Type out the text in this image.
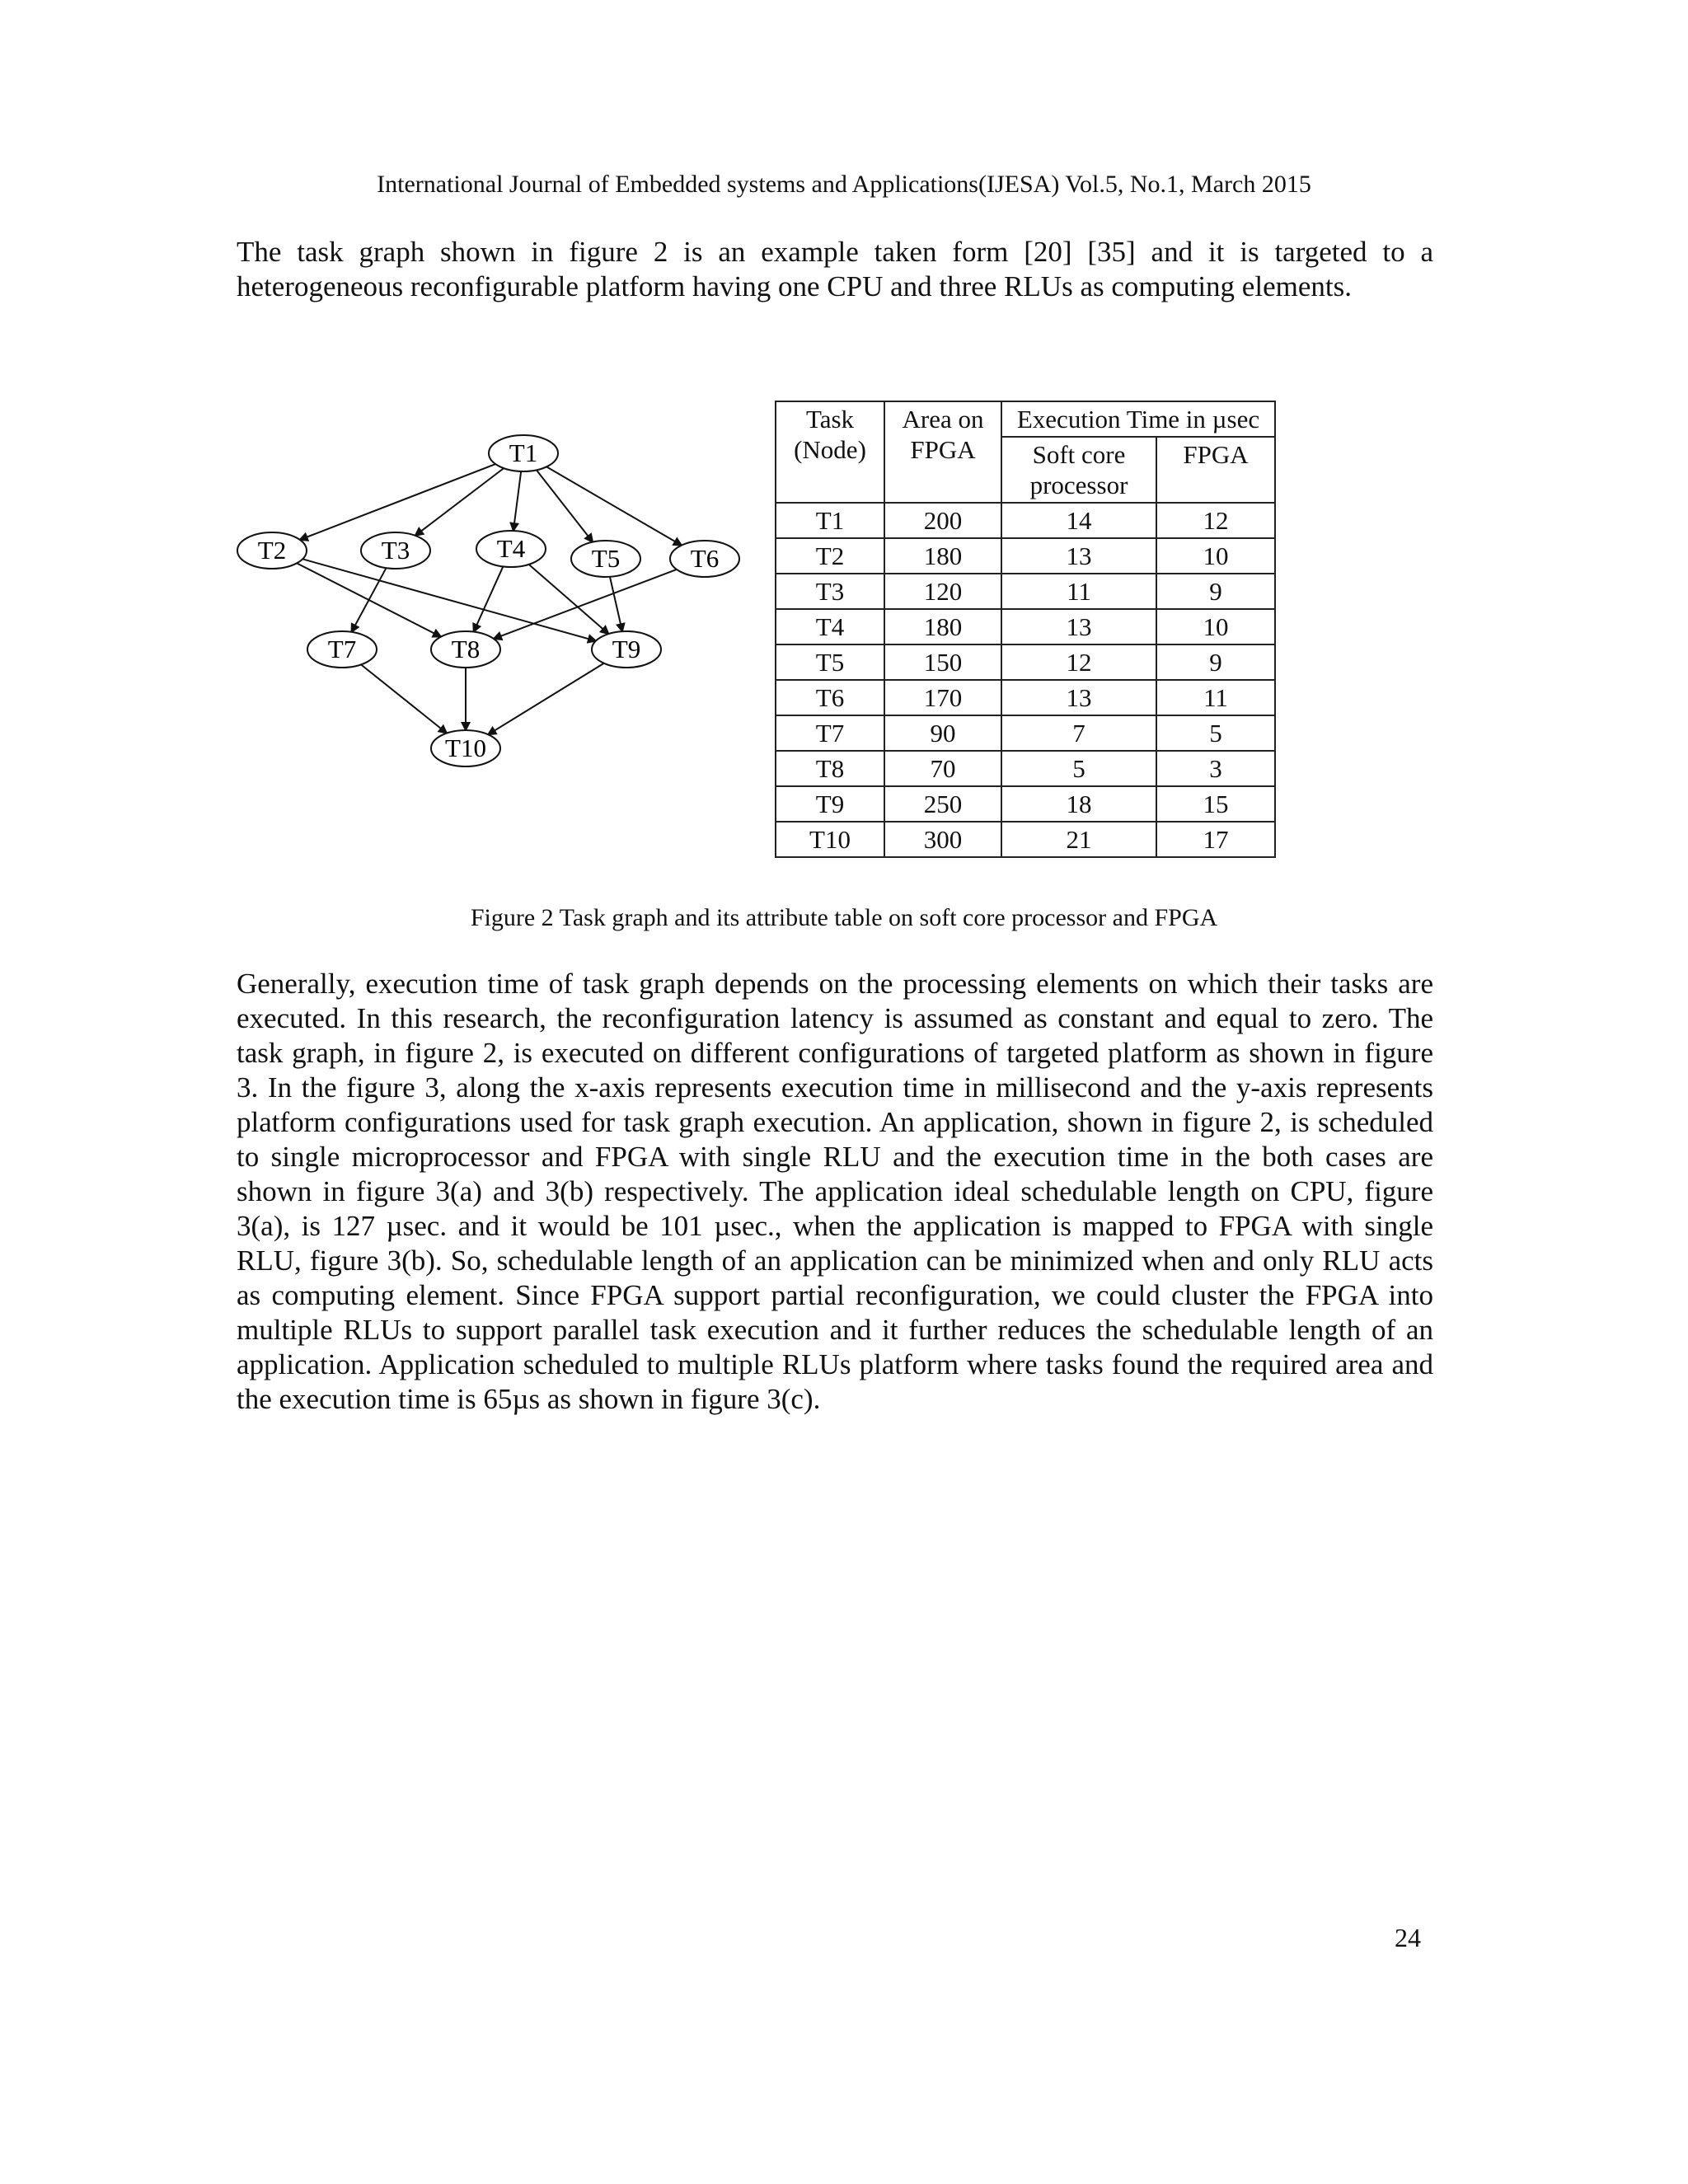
International Journal of Embedded systems and Applications(IJESA) Vol.5, No.1, March 2015

The task graph shown in figure 2 is an example taken form [20] [35] and it is targeted to a heterogeneous reconfigurable platform having one CPU and three RLUs as computing elements.

T1
T2	T3	T4	T5	T6
T7	T8	T9
T10
Task (Node)	Area on FPGA	Execution Time in µsec	
		Soft core processor	FPGA
T1	200	14	12
T2	180	13	10
T3	120	11	9
T4	180	13	10
T5	150	12	9
T6	170	13	11
T7	90	7	5
T8	70	5	3
T9	250	18	15
T10	300	21	17
Figure 2 Task graph and its attribute table on soft core processor and FPGA

Generally, execution time of task graph depends on the processing elements on which their tasks are executed. In this research, the reconfiguration latency is assumed as constant and equal to zero. The task graph, in figure 2, is executed on different configurations of targeted platform as shown in figure 3. In the figure 3, along the x-axis represents execution time in millisecond and the y-axis represents platform configurations used for task graph execution. An application, shown in figure 2, is scheduled to single microprocessor and FPGA with single RLU and the execution time in the both cases are shown in figure 3(a) and 3(b) respectively. The application ideal schedulable length on CPU, figure 3(a), is 127 µsec. and it would be 101 µsec., when the application is mapped to FPGA with single RLU, figure 3(b). So, schedulable length of an application can be minimized when and only RLU acts as computing element. Since FPGA support partial reconfiguration, we could cluster the FPGA into multiple RLUs to support parallel task execution and it further reduces the schedulable length of an application. Application scheduled to multiple RLUs platform where tasks found the required area and the execution time is 65µs as shown in figure 3(c).

24
